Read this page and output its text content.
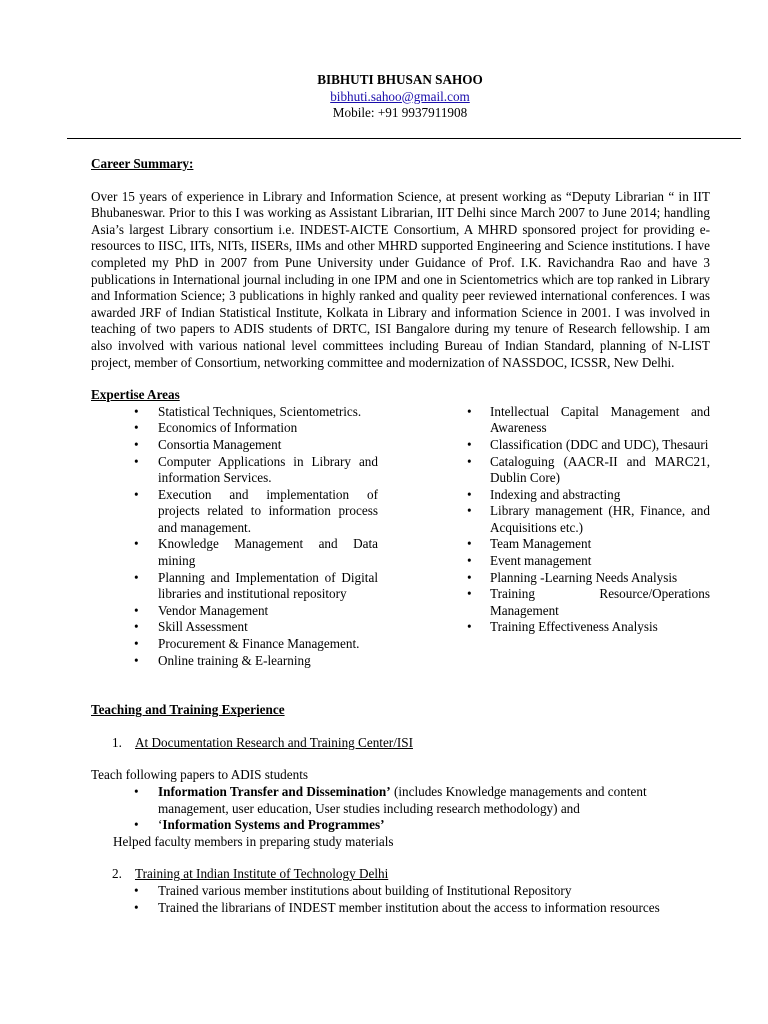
BIBHUTI BHUSAN SAHOO
bibhuti.sahoo@gmail.com
Mobile: +91 9937911908

Career Summary:

Over 15 years of experience in Library and Information Science, at present working as “Deputy Librarian “ in IIT Bhubaneswar. Prior to this I was working as Assistant Librarian, IIT Delhi since March 2007 to June 2014; handling Asia’s largest Library consortium i.e. INDEST-AICTE Consortium, A MHRD sponsored project for providing e-resources to IISC, IITs, NITs, IISERs, IIMs and other MHRD supported Engineering and Science institutions. I have completed my PhD in 2007 from Pune University under Guidance of Prof. I.K. Ravichandra Rao and have 3 publications in International journal including in one IPM and one in Scientometrics which are top ranked in Library and Information Science; 3 publications in highly ranked and quality peer reviewed international conferences. I was awarded JRF of Indian Statistical Institute, Kolkata in Library and information Science in 2001. I was involved in teaching of two papers to ADIS students of DRTC, ISI Bangalore during my tenure of Research fellowship. I am also involved with various national level committees including Bureau of Indian Standard, planning of N-LIST project, member of Consortium, networking committee and modernization of NASSDOC, ICSSR, New Delhi.

Expertise Areas

• Statistical Techniques, Scientometrics.
• Economics of Information
• Consortia Management
• Computer Applications in Library and information Services.
• Execution and implementation of projects related to information process and management.
• Knowledge Management and Data mining
• Planning and Implementation of Digital libraries and institutional repository
• Vendor Management
• Skill Assessment
• Procurement & Finance Management.
• Online training & E-learning
• Intellectual Capital Management and Awareness
• Classification (DDC and UDC), Thesauri
• Cataloguing (AACR-II and MARC21, Dublin Core)
• Indexing and abstracting
• Library management (HR, Finance, and Acquisitions etc.)
• Team Management
• Event management
• Planning -Learning Needs Analysis
• Training Resource/Operations Management
• Training Effectiveness Analysis

Teaching and Training Experience

1. At Documentation Research and Training Center/ISI

Teach following papers to ADIS students

• Information Transfer and Dissemination’ (includes Knowledge managements and content management, user education, User studies including research methodology) and
• ‘Information Systems and Programmes’

Helped faculty members in preparing study materials

2. Training at Indian Institute of Technology Delhi
• Trained various member institutions about building of Institutional Repository
• Trained the librarians of INDEST member institution about the access to information resources
